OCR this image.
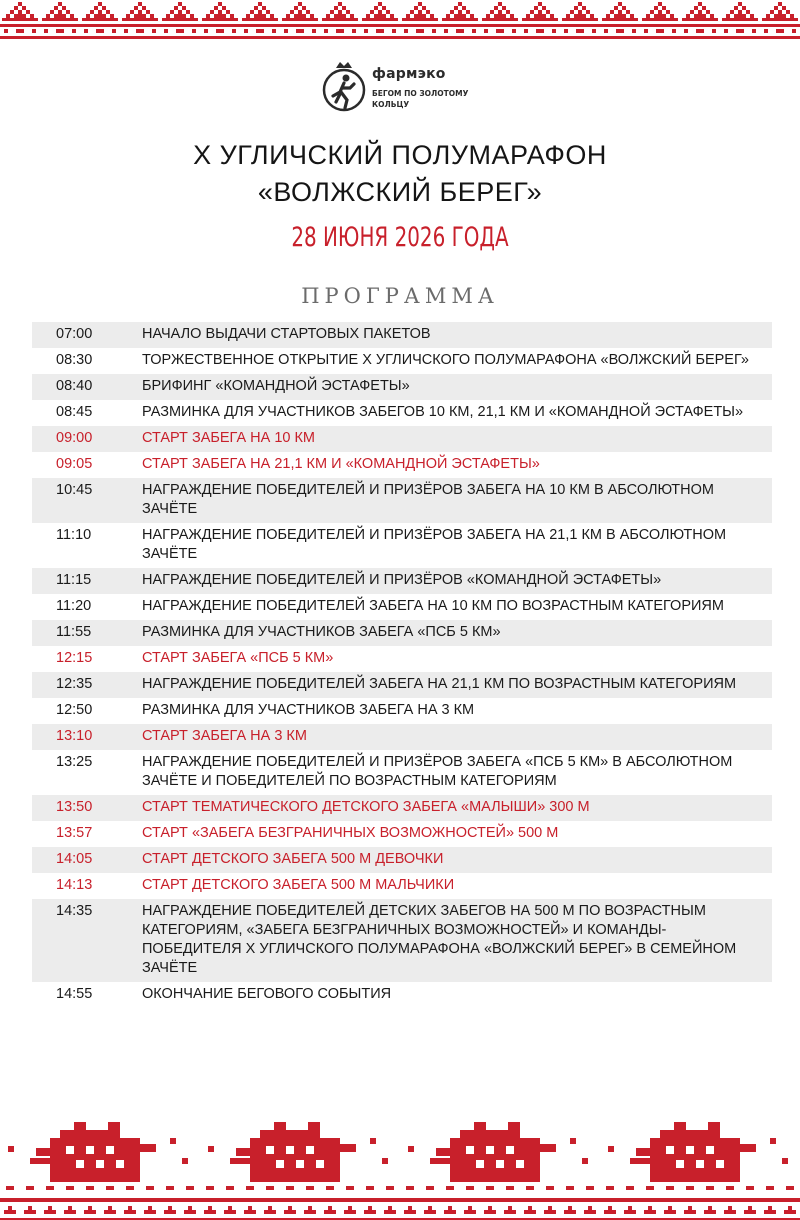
фармэко
БЕГОМ ПО ЗОЛОТОМУ
КОЛЬЦУ
X УГЛИЧСКИЙ ПОЛУМАРАФОН
«ВОЛЖСКИЙ БЕРЕГ»
28 ИЮНЯ 2026 ГОДА
ПРОГРАММА
07:00	НАЧАЛО ВЫДАЧИ СТАРТОВЫХ ПАКЕТОВ
08:30	ТОРЖЕСТВЕННОЕ ОТКРЫТИЕ X УГЛИЧСКОГО ПОЛУМАРАФОНА «ВОЛЖСКИЙ БЕРЕГ»
08:40	БРИФИНГ «КОМАНДНОЙ ЭСТАФЕТЫ»
08:45	РАЗМИНКА ДЛЯ УЧАСТНИКОВ ЗАБЕГОВ 10 КМ, 21,1 КМ И «КОМАНДНОЙ ЭСТАФЕТЫ»
09:00	СТАРТ ЗАБЕГА НА 10 КМ
09:05	СТАРТ ЗАБЕГА НА 21,1 КМ И «КОМАНДНОЙ ЭСТАФЕТЫ»
10:45	НАГРАЖДЕНИЕ ПОБЕДИТЕЛЕЙ И ПРИЗЁРОВ ЗАБЕГА НА 10 КМ В АБСОЛЮТНОМ ЗАЧЁТЕ
11:10	НАГРАЖДЕНИЕ ПОБЕДИТЕЛЕЙ И ПРИЗЁРОВ ЗАБЕГА НА 21,1 КМ В АБСОЛЮТНОМ ЗАЧЁТЕ
11:15	НАГРАЖДЕНИЕ ПОБЕДИТЕЛЕЙ И ПРИЗЁРОВ «КОМАНДНОЙ ЭСТАФЕТЫ»
11:20	НАГРАЖДЕНИЕ ПОБЕДИТЕЛЕЙ ЗАБЕГА НА 10 КМ ПО ВОЗРАСТНЫМ КАТЕГОРИЯМ
11:55	РАЗМИНКА ДЛЯ УЧАСТНИКОВ ЗАБЕГА «ПСБ 5 КМ»
12:15	СТАРТ ЗАБЕГА «ПСБ 5 КМ»
12:35	НАГРАЖДЕНИЕ ПОБЕДИТЕЛЕЙ ЗАБЕГА НА 21,1 КМ ПО ВОЗРАСТНЫМ КАТЕГОРИЯМ
12:50	РАЗМИНКА ДЛЯ УЧАСТНИКОВ ЗАБЕГА НА 3 КМ
13:10	СТАРТ ЗАБЕГА НА 3 КМ
13:25	НАГРАЖДЕНИЕ ПОБЕДИТЕЛЕЙ И ПРИЗЁРОВ ЗАБЕГА «ПСБ 5 КМ» В АБСОЛЮТНОМ ЗАЧЁТЕ И ПОБЕДИТЕЛЕЙ ПО ВОЗРАСТНЫМ КАТЕГОРИЯМ
13:50	СТАРТ ТЕМАТИЧЕСКОГО ДЕТСКОГО ЗАБЕГА «МАЛЫШИ» 300 М
13:57	СТАРТ «ЗАБЕГА БЕЗГРАНИЧНЫХ ВОЗМОЖНОСТЕЙ» 500 М
14:05	СТАРТ ДЕТСКОГО ЗАБЕГА 500 М ДЕВОЧКИ
14:13	СТАРТ ДЕТСКОГО ЗАБЕГА 500 М МАЛЬЧИКИ
14:35	НАГРАЖДЕНИЕ ПОБЕДИТЕЛЕЙ ДЕТСКИХ ЗАБЕГОВ НА 500 М ПО ВОЗРАСТНЫМ КАТЕГОРИЯМ, «ЗАБЕГА БЕЗГРАНИЧНЫХ ВОЗМОЖНОСТЕЙ» И КОМАНДЫ-ПОБЕДИТЕЛЯ X УГЛИЧСКОГО ПОЛУМАРАФОНА «ВОЛЖСКИЙ БЕРЕГ» В СЕМЕЙНОМ ЗАЧЁТЕ
14:55	ОКОНЧАНИЕ БЕГОВОГО СОБЫТИЯ
